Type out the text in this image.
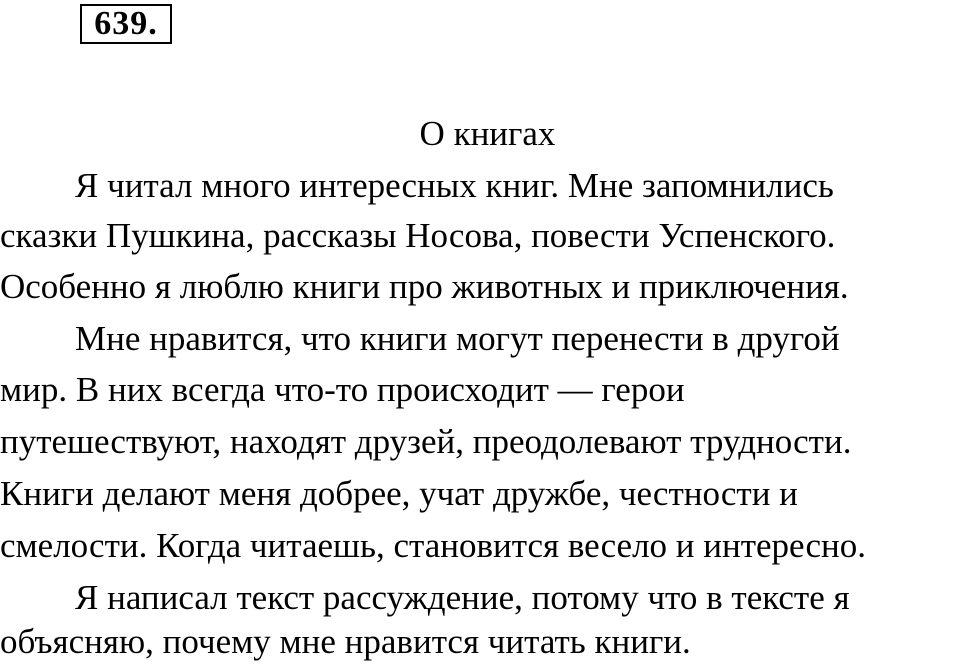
639.
О книгах
Я читал много интересных книг. Мне запомнились
сказки Пушкина, рассказы Носова, повести Успенского.
Особенно я люблю книги про животных и приключения.
Мне нравится, что книги могут перенести в другой
мир. В них всегда что-то происходит — герои
путешествуют, находят друзей, преодолевают трудности.
Книги делают меня добрее, учат дружбе, честности и
смелости. Когда читаешь, становится весело и интересно.
Я написал текст рассуждение, потому что в тексте я
объясняю, почему мне нравится читать книги.
